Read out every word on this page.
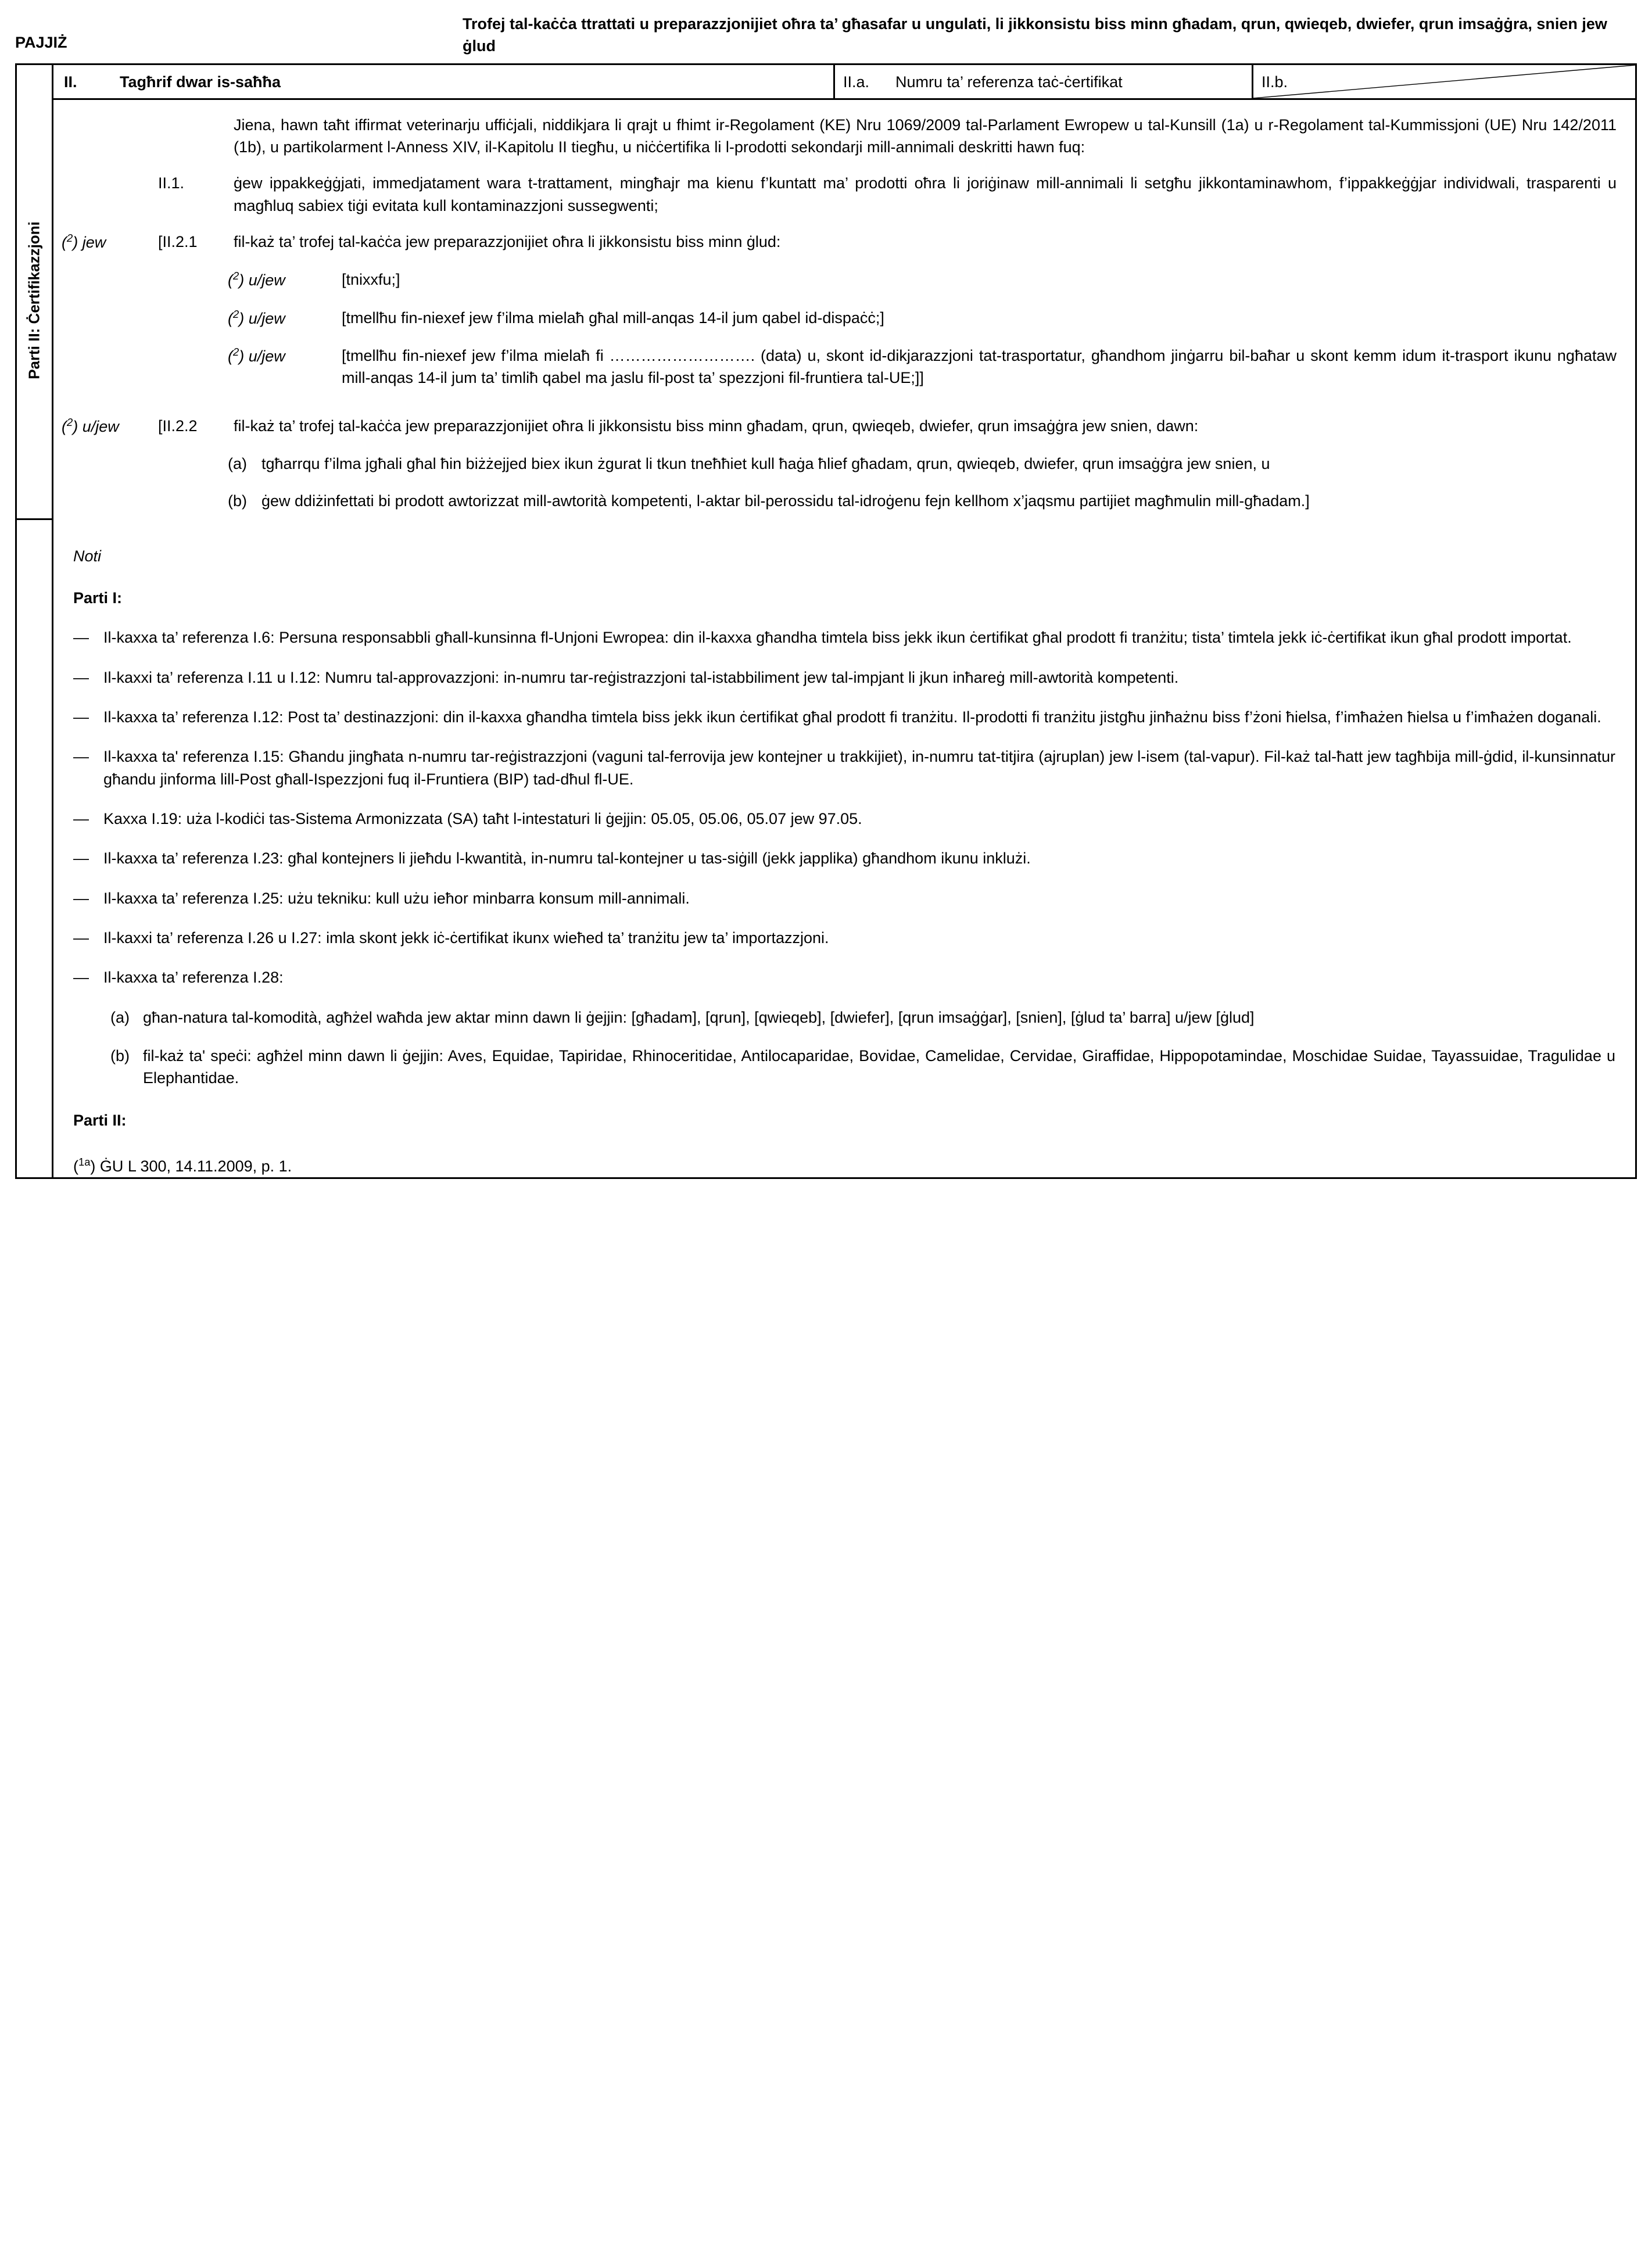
PAJJIŻ
Trofej tal-kaċċa ttrattati u preparazzjonijiet oħra ta’ għasafar u ungulati, li jikkonsistu biss minn għadam, qrun, qwieqeb, dwiefer, qrun imsaġġra, snien jew ġlud
Parti II: Ċertifikazzjoni
II.	Tagħrif dwar is-saħħa	II.a.	Numru ta’ referenza taċ-ċertifikat	II.b.
Jiena, hawn taħt iffirmat veterinarju uffiċjali, niddikjara li qrajt u fhimt ir-Regolament (KE) Nru 1069/2009 tal-Parlament Ewropew u tal-Kunsill (1a) u r-Regolament tal-Kummissjoni (UE) Nru 142/2011 (1b), u partikolarment l-Anness XIV, il-Kapitolu II tiegħu, u niċċertifika li l-prodotti sekondarji mill-annimali deskritti hawn fuq:
II.1.	ġew ippakkeġġjati, immedjatament wara t-trattament, mingħajr ma kienu f’kuntatt ma’ prodotti oħra li joriġinaw mill-annimali li setgħu jikkontaminawhom, f’ippakkeġġjar individwali, trasparenti u magħluq sabiex tiġi evitata kull kontaminazzjoni sussegwenti;
($^2$) jew	[II.2.1	fil-każ ta’ trofej tal-kaċċa jew preparazzjonijiet oħra li jikkonsistu biss minn ġlud:
($^2$) u/jew	[tnixxfu;]
($^2$) u/jew	[tmellħu fin-niexef jew f’ilma mielaħ għal mill-anqas 14-il jum qabel id-dispaċċ;]
($^2$) u/jew	[tmellħu fin-niexef jew f’ilma mielaħ fi ………………………. (data) u, skont id-dikjarazzjoni tat-trasportatur, għandhom jinġarru bil-baħar u skont kemm idum it-trasport ikunu ngħataw mill-anqas 14-il jum ta’ timliħ qabel ma jaslu fil-post ta’ spezzjoni fil-fruntiera tal-UE;]]
($^2$) u/jew	[II.2.2	fil-każ ta’ trofej tal-kaċċa jew preparazzjonijiet oħra li jikkonsistu biss minn għadam, qrun, qwieqeb, dwiefer, qrun imsaġġra jew snien, dawn:
(a) tgħarrqu f’ilma jgħali għal ħin biżżejjed biex ikun żgurat li tkun tneħħiet kull ħaġa ħlief għadam, qrun, qwieqeb, dwiefer, qrun imsaġġra jew snien, u
(b) ġew ddiżinfettati bi prodott awtorizzat mill-awtorità kompetenti, l-aktar bil-perossidu tal-idroġenu fejn kellhom x’jaqsmu partijiet magħmulin mill-għadam.]
Noti
Parti I:
— Il-kaxxa ta’ referenza I.6: Persuna responsabbli għall-kunsinna fl-Unjoni Ewropea: din il-kaxxa għandha timtela biss jekk ikun ċertifikat għal prodott fi tranżitu; tista’ timtela jekk iċ-ċertifikat ikun għal prodott importat.
— Il-kaxxi ta’ referenza I.11 u I.12: Numru tal-approvazzjoni: in-numru tar-reġistrazzjoni tal-istabbiliment jew tal-impjant li jkun inħareġ mill-awtorità kompetenti.
— Il-kaxxa ta’ referenza I.12: Post ta’ destinazzjoni: din il-kaxxa għandha timtela biss jekk ikun ċertifikat għal prodott fi tranżitu. Il-prodotti fi tranżitu jistgħu jinħażnu biss f’żoni ħielsa, f’imħażen ħielsa u f’imħażen doganali.
— Il-kaxxa ta' referenza I.15: Għandu jingħata n-numru tar-reġistrazzjoni (vaguni tal-ferrovija jew kontejner u trakkijiet), in-numru tat-titjira (ajruplan) jew l-isem (tal-vapur). Fil-każ tal-ħatt jew tagħbija mill-ġdid, il-kunsinnatur għandu jinforma lill-Post għall-Ispezzjoni fuq il-Fruntiera (BIP) tad-dħul fl-UE.
— Kaxxa I.19: uża l-kodiċi tas-Sistema Armonizzata (SA) taħt l-intestaturi li ġejjin: 05.05, 05.06, 05.07 jew 97.05.
— Il-kaxxa ta’ referenza I.23: għal kontejners li jieħdu l-kwantità, in-numru tal-kontejner u tas-siġill (jekk japplika) għandhom ikunu inklużi.
— Il-kaxxa ta’ referenza I.25: użu tekniku: kull użu ieħor minbarra konsum mill-annimali.
— Il-kaxxi ta’ referenza I.26 u I.27: imla skont jekk iċ-ċertifikat ikunx wieħed ta’ tranżitu jew ta’ importazzjoni.
— Il-kaxxa ta’ referenza I.28:
(a) għan-natura tal-komodità, agħżel waħda jew aktar minn dawn li ġejjin: [għadam], [qrun], [qwieqeb], [dwiefer], [qrun imsaġġar], [snien], [ġlud ta’ barra] u/jew [ġlud]
(b) fil-każ ta' speċi: agħżel minn dawn li ġejjin: Aves, Equidae, Tapiridae, Rhinoceritidae, Antilocaparidae, Bovidae, Camelidae, Cervidae, Giraffidae, Hippopotamindae, Moschidae Suidae, Tayassuidae, Tragulidae u Elephantidae.
Parti II:
($^{1a}$) ĠU L 300, 14.11.2009, p. 1.
